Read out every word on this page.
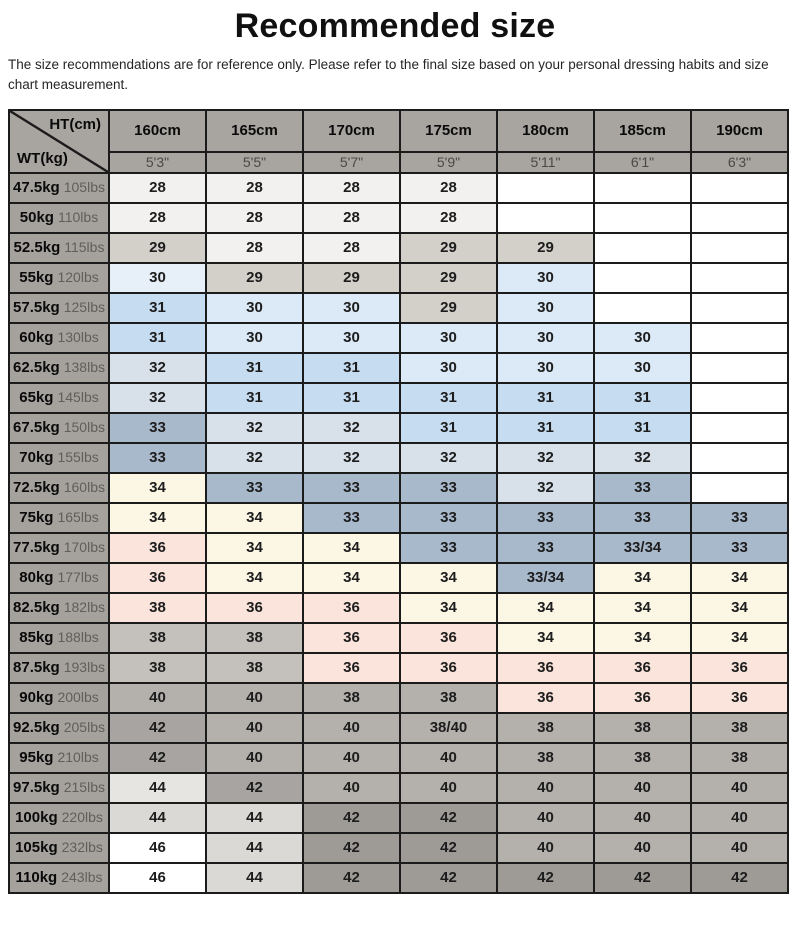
Recommended size

The size recommendations are for reference only. Please refer to the final size based on your personal dressing habits and size chart measurement.

HT(cm)
WT(kg)	160cm	165cm	170cm	175cm	180cm	185cm	190cm
	5'3"	5'5"	5'7"	5'9"	5'11"	6'1"	6'3"
47.5kg 105lbs	28	28	28	28			
50kg 110lbs	28	28	28	28			
52.5kg 115lbs	29	28	28	29	29		
55kg 120lbs	30	29	29	29	30		
57.5kg 125lbs	31	30	30	29	30		
60kg 130lbs	31	30	30	30	30	30	
62.5kg 138lbs	32	31	31	30	30	30	
65kg 145lbs	32	31	31	31	31	31	
67.5kg 150lbs	33	32	32	31	31	31	
70kg 155lbs	33	32	32	32	32	32	
72.5kg 160lbs	34	33	33	33	32	33	
75kg 165lbs	34	34	33	33	33	33	33
77.5kg 170lbs	36	34	34	33	33	33/34	33
80kg 177lbs	36	34	34	34	33/34	34	34
82.5kg 182lbs	38	36	36	34	34	34	34
85kg 188lbs	38	38	36	36	34	34	34
87.5kg 193lbs	38	38	36	36	36	36	36
90kg 200lbs	40	40	38	38	36	36	36
92.5kg 205lbs	42	40	40	38/40	38	38	38
95kg 210lbs	42	40	40	40	38	38	38
97.5kg 215lbs	44	42	40	40	40	40	40
100kg 220lbs	44	44	42	42	40	40	40
105kg 232lbs	46	44	42	42	40	40	40
110kg 243lbs	46	44	42	42	42	42	42
